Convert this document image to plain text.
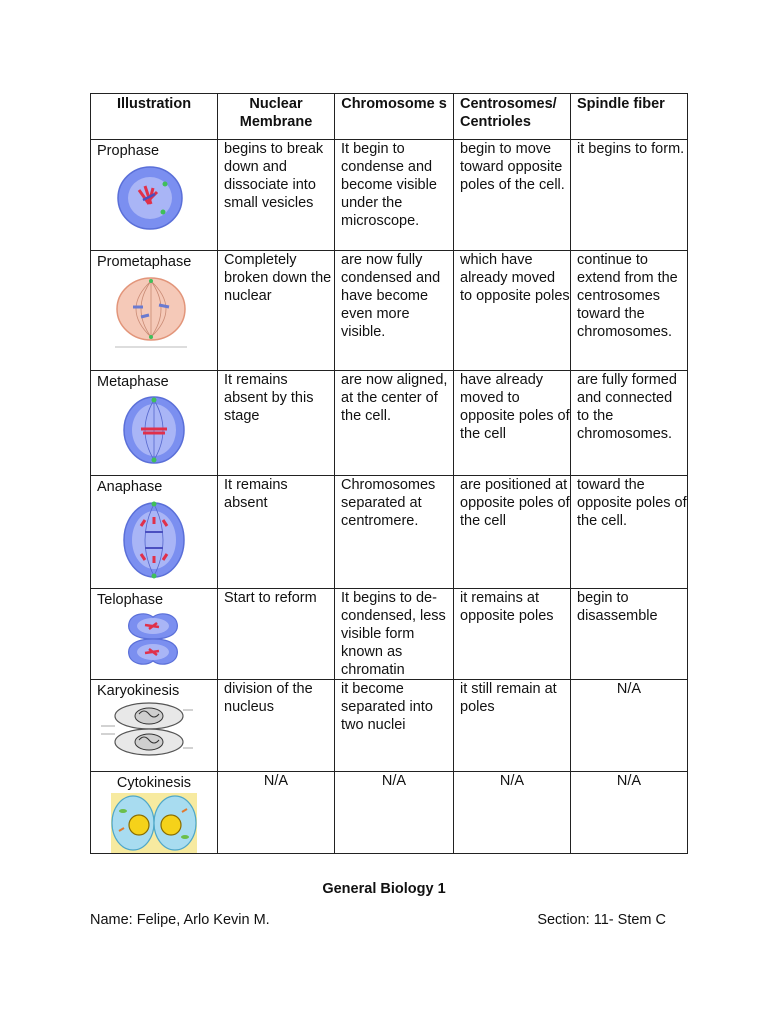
Illustration	Nuclear Membrane	Chromosome s	Centrosomes/ Centrioles	Spindle fiber

Prophase	begins to break down and dissociate into small vesicles	It begin to condense and become visible under the microscope.	begin to move toward opposite poles of the cell.	it begins to form.

Prometaphase	Completely broken down the nuclear	are now fully condensed and have become even more visible.	which have already moved to opposite poles	continue to extend from the centrosomes toward the chromosomes.

Metaphase	It remains absent by this stage	are now aligned, at the center of the cell.	have already moved to opposite poles of the cell	are fully formed and connected to the chromosomes.

Anaphase	It remains absent	Chromosomes separated at centromere.	are positioned at opposite poles of the cell	toward the opposite poles of the cell.

Telophase	Start to reform	It begins to de-condensed, less visible form known as chromatin	it remains at opposite poles	begin to disassemble

Karyokinesis	division of the nucleus	it become separated into two nuclei	it still remain at poles	N/A

Cytokinesis	N/A	N/A	N/A	N/A
General Biology 1
Name: Felipe, Arlo Kevin M.	Section: 11- Stem C
